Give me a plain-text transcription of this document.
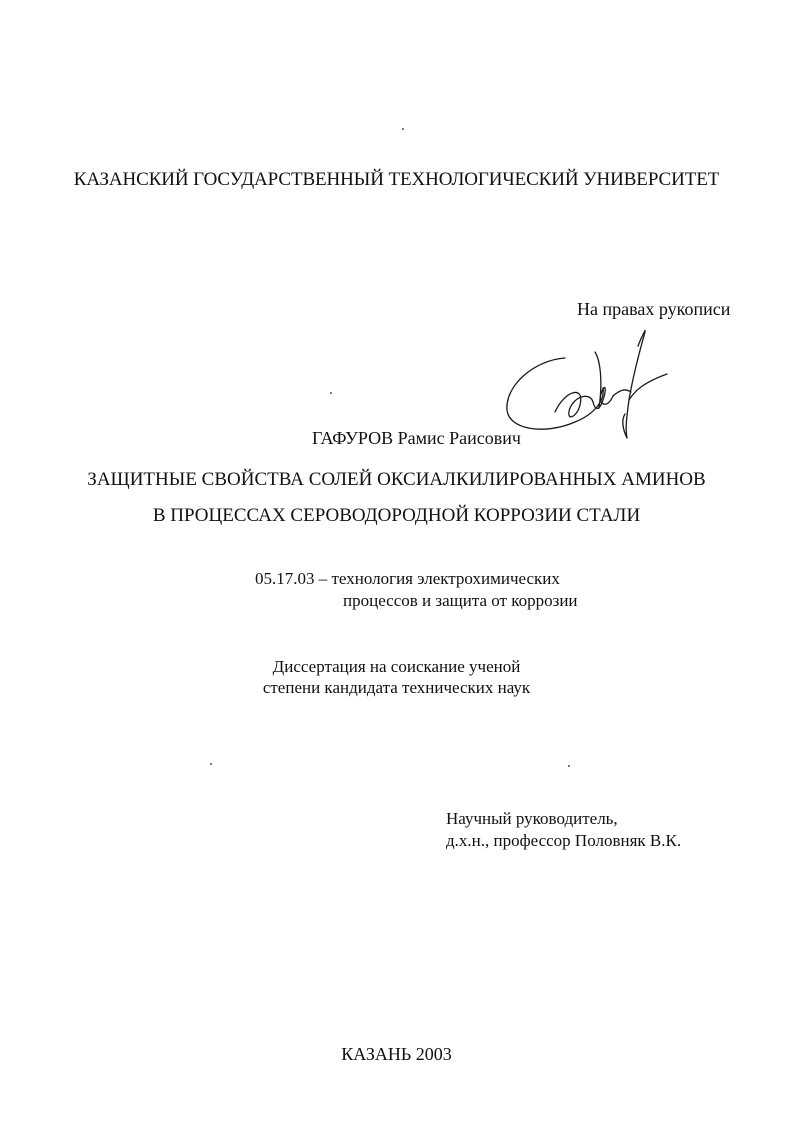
КАЗАНСКИЙ ГОСУДАРСТВЕННЫЙ ТЕХНОЛОГИЧЕСКИЙ УНИВЕРСИТЕТ
На правах рукописи
ГАФУРОВ Рамис Раисович
ЗАЩИТНЫЕ СВОЙСТВА СОЛЕЙ ОКСИАЛКИЛИРОВАННЫХ АМИНОВ
В ПРОЦЕССАХ СЕРОВОДОРОДНОЙ КОРРОЗИИ СТАЛИ
05.17.03 – технология электрохимических
процессов и защита от коррозии
Диссертация на соискание ученой
степени кандидата технических наук
Научный руководитель,
д.х.н., профессор Половняк В.К.
КАЗАНЬ 2003
